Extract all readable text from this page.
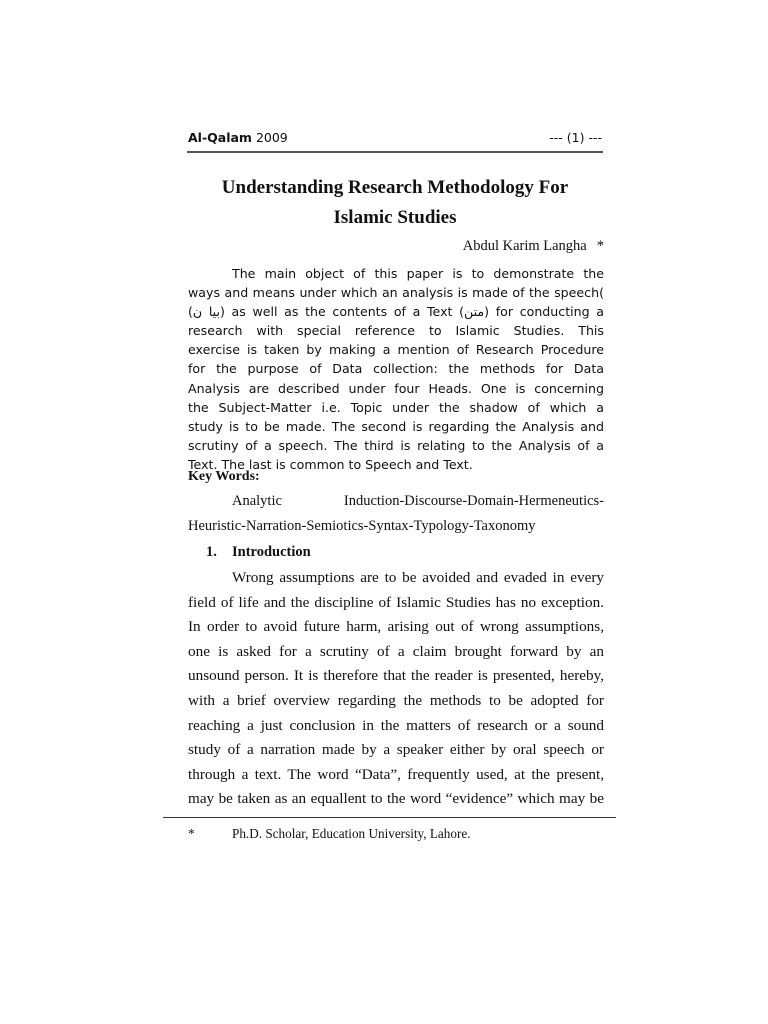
Al-Qalam 2009	--- (1) ---
Understanding Research Methodology For
Islamic Studies
Abdul Karim Langha *
The main object of this paper is to demonstrate the
ways and means under which an analysis is made of the speech(
(بيا ن) as well as the contents of a Text (متن) for conducting a
research with special reference to Islamic Studies. This
exercise is taken by making a mention of Research Procedure
for the purpose of Data collection: the methods for Data
Analysis are described under four Heads. One is concerning
the Subject-Matter i.e. Topic under the shadow of which a
study is to be made. The second is regarding the Analysis and
scrutiny of a speech. The third is relating to the Analysis of a
Text. The last is common to Speech and Text.
Key Words:
Analytic	Induction-Discourse-Domain-Hermeneutics-
Heuristic-Narration-Semiotics-Syntax-Typology-Taxonomy
1. Introduction
Wrong assumptions are to be avoided and evaded in every
field of life and the discipline of Islamic Studies has no exception.
In order to avoid future harm, arising out of wrong assumptions,
one is asked for a scrutiny of a claim brought forward by an
unsound person. It is therefore that the reader is presented, hereby,
with a brief overview regarding the methods to be adopted for
reaching a just conclusion in the matters of research or a sound
study of a narration made by a speaker either by oral speech or
through a text. The word “Data”, frequently used, at the present,
may be taken as an equallent to the word “evidence” which may be
*	Ph.D. Scholar, Education University, Lahore.
